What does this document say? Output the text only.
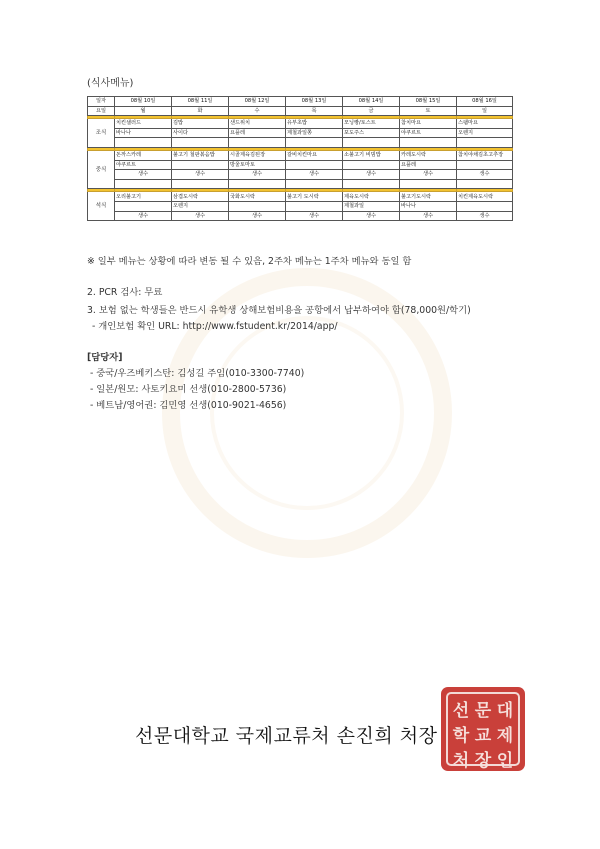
(식사메뉴)
일자	08월 10일	08월 11일	08월 12일	08월 13일	08월 14일	08월 15일	08월 16일
요일	월	화	수	목	금	토	일

조식	치킨샐러드	김밥	샌드위치	유부초밥	모닝빵/토스트	참치마요	스팸마요
	바나나	사이다	요플레	제철과일쫑	포도주스	야쿠르트	오렌지

중식	돈까스카레	불고기 철판볶음밥	시골제육김된장	갈비치킨마요	소불고기 비빔밥	카레도시락	참치야채김초고추장
	야쿠르트		방울토마토			요플레	
	생수	생수	생수	생수	생수	생수	생수

석식	오리불고기	삼겹도시락	국화도시락	불고기 도시락	제육도시락	불고기도시락	치킨제육도시락
		오렌지			제철과일	바나나	
	생수	생수	생수	생수	생수	생수	생수
※ 일부 메뉴는 상황에 따라 변동 될 수 있음, 2주차 메뉴는 1주차 메뉴와 동일 함
2. PCR 검사: 무료
3. 보험 없는 학생들은 반드시 유학생 상해보험비용을 공항에서 납부하여야 함(78,000원/학기)
- 개인보험 확인 URL: http://www.fstudent.kr/2014/app/
[담당자]
- 중국/우즈베키스탄: 김성길 주임(010-3300-7740)
- 일본/원모: 사토키요미 선생(010-2800-5736)
- 베트남/영어권: 김민영 선생(010-9021-4656)
선 문 대
학 교 제
처 장 인
선문대학교 국제교류처 손진희 처장
